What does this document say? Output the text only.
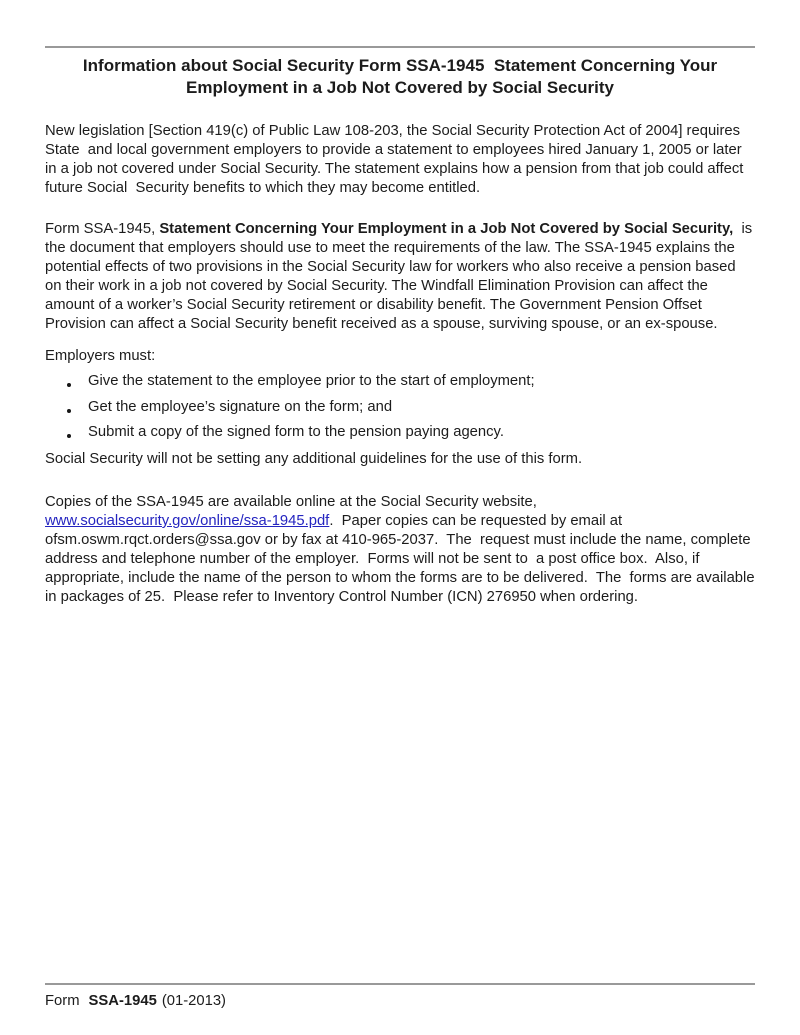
Information about Social Security Form SSA-1945  Statement Concerning Your
Employment in a Job Not Covered by Social Security

New legislation [Section 419(c) of Public Law 108-203, the Social Security Protection Act of 2004] requires State  and local government employers to provide a statement to employees hired January 1, 2005 or later in a job not covered under Social Security. The statement explains how a pension from that job could affect future Social  Security benefits to which they may become entitled.

Form SSA-1945, Statement Concerning Your Employment in a Job Not Covered by Social Security,  is the document that employers should use to meet the requirements of the law. The SSA-1945 explains the potential effects of two provisions in the Social Security law for workers who also receive a pension based on their work in a job not covered by Social Security. The Windfall Elimination Provision can affect the amount of a worker’s Social Security retirement or disability benefit. The Government Pension Offset Provision can affect a Social Security benefit received as a spouse, surviving spouse, or an ex-spouse.

Employers must:

Give the statement to the employee prior to the start of employment;
Get the employee’s signature on the form; and
Submit a copy of the signed form to the pension paying agency.

Social Security will not be setting any additional guidelines for the use of this form.

Copies of the SSA-1945 are available online at the Social Security website, www.socialsecurity.gov/online/ssa-1945.pdf.  Paper copies can be requested by email at ofsm.oswm.rqct.orders@ssa.gov or by fax at 410-965-2037.  The  request must include the name, complete address and telephone number of the employer.  Forms will not be sent to  a post office box.  Also, if appropriate, include the name of the person to whom the forms are to be delivered.  The  forms are available in packages of 25.  Please refer to Inventory Control Number (ICN) 276950 when ordering.

Form SSA-1945 (01-2013)
